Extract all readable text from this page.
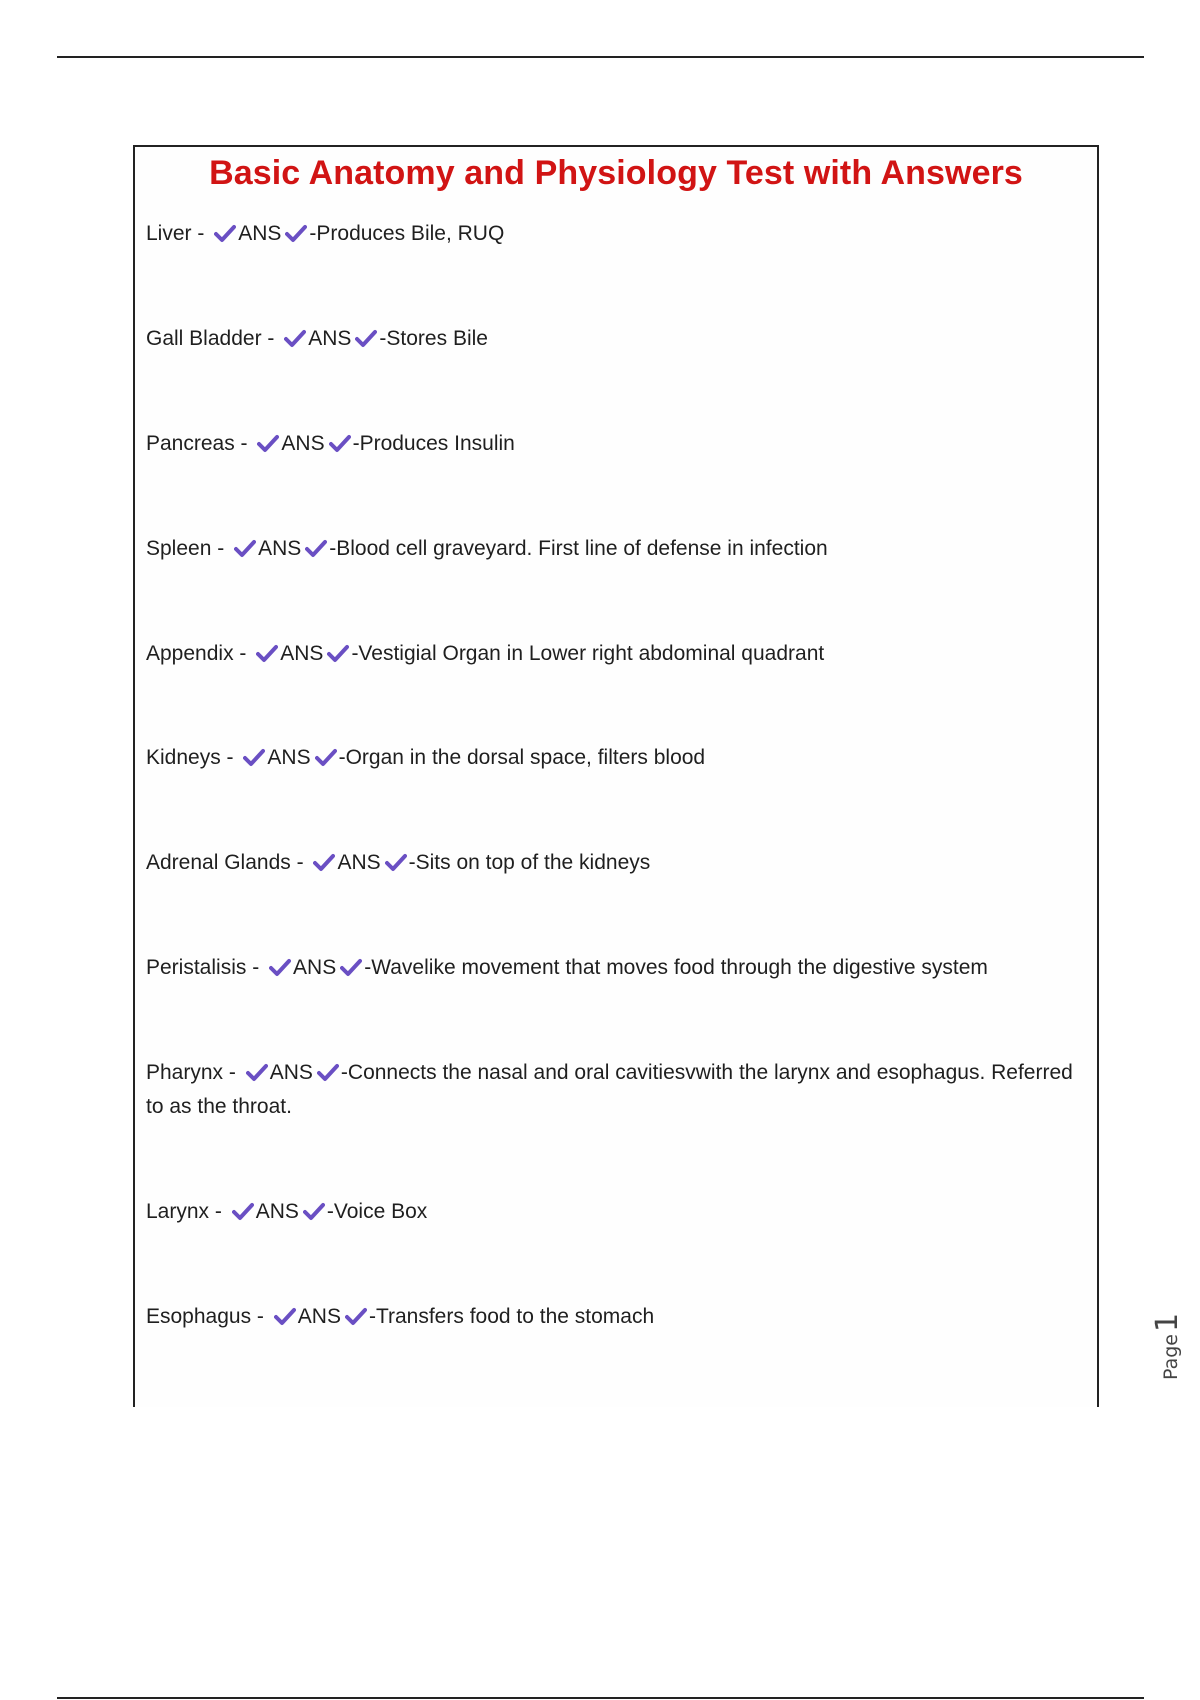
Basic Anatomy and Physiology Test with Answers
Liver -
ANS -Produces Bile, RUQ
Gall Bladder -
ANS -Stores Bile
Pancreas -
ANS -Produces Insulin
Spleen -
ANS -Blood cell graveyard. First line of defense in infection
Appendix -
ANS -Vestigial Organ in Lower right abdominal quadrant
Kidneys -
ANS -Organ in the dorsal space, filters blood
Adrenal Glands -
ANS -Sits on top of the kidneys
Peristalisis -
ANS -Wavelike movement that moves food through the digestive system
Pharynx -
ANS -Connects the nasal and oral cavitiesvwith the larynx and esophagus. Referred to as the throat.
Larynx -
ANS -Voice Box
Esophagus -
ANS -Transfers food to the stomach
Page1
